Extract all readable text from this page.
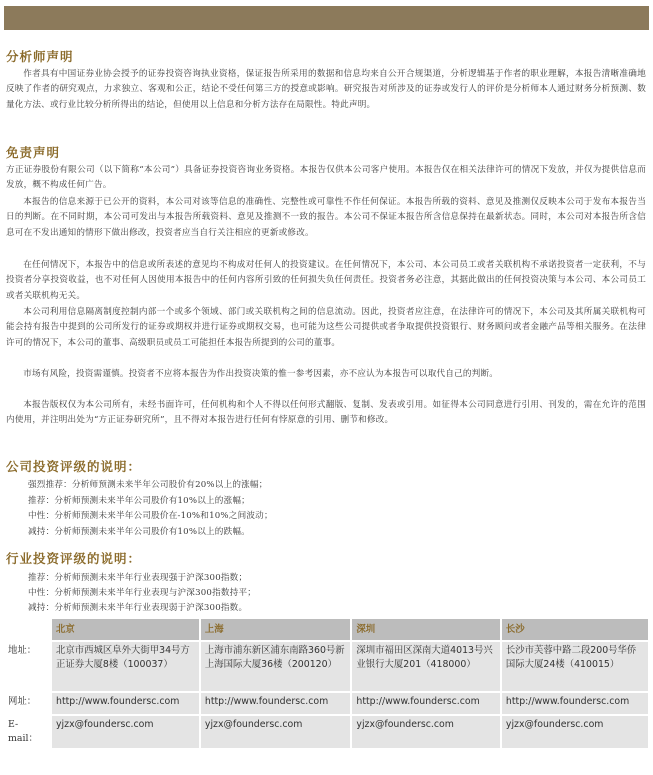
分析师声明

作者具有中国证券业协会授予的证券投资咨询执业资格，保证报告所采用的数据和信息均来自公开合规渠道，分析逻辑基于作者的职业理解，本报告清晰准确地反映了作者的研究观点，力求独立、客观和公正，结论不受任何第三方的授意或影响。研究报告对所涉及的证券或发行人的评价是分析师本人通过财务分析预测、数量化方法、或行业比较分析所得出的结论，但使用以上信息和分析方法存在局限性。特此声明。

免责声明

方正证券股份有限公司（以下简称“本公司”）具备证券投资咨询业务资格。本报告仅供本公司客户使用。本报告仅在相关法律许可的情况下发放，并仅为提供信息而发放，概不构成任何广告。

本报告的信息来源于已公开的资料，本公司对该等信息的准确性、完整性或可靠性不作任何保证。本报告所载的资料、意见及推测仅反映本公司于发布本报告当日的判断。在不同时期，本公司可发出与本报告所载资料、意见及推测不一致的报告。本公司不保证本报告所含信息保持在最新状态。同时，本公司对本报告所含信息可在不发出通知的情形下做出修改，投资者应当自行关注相应的更新或修改。

在任何情况下，本报告中的信息或所表述的意见均不构成对任何人的投资建议。在任何情况下，本公司、本公司员工或者关联机构不承诺投资者一定获利，不与投资者分享投资收益，也不对任何人因使用本报告中的任何内容所引致的任何损失负任何责任。投资者务必注意，其据此做出的任何投资决策与本公司、本公司员工或者关联机构无关。

本公司利用信息隔离制度控制内部一个或多个领域、部门或关联机构之间的信息流动。因此，投资者应注意，在法律许可的情况下，本公司及其所属关联机构可能会持有报告中提到的公司所发行的证券或期权并进行证券或期权交易，也可能为这些公司提供或者争取提供投资银行、财务顾问或者金融产品等相关服务。在法律许可的情况下，本公司的董事、高级职员或员工可能担任本报告所提到的公司的董事。

市场有风险，投资需谨慎。投资者不应将本报告为作出投资决策的惟一参考因素，亦不应认为本报告可以取代自己的判断。

本报告版权仅为本公司所有，未经书面许可，任何机构和个人不得以任何形式翻版、复制、发表或引用。如征得本公司同意进行引用、刊发的，需在允许的范围内使用，并注明出处为“方正证券研究所”，且不得对本报告进行任何有悖原意的引用、删节和修改。

公司投资评级的说明：

强烈推荐：分析师预测未来半年公司股价有20%以上的涨幅；

推荐：分析师预测未来半年公司股价有10%以上的涨幅；

中性：分析师预测未来半年公司股价在-10%和10%之间波动；

减持：分析师预测未来半年公司股价有10%以上的跌幅。

行业投资评级的说明：

推荐：分析师预测未来半年行业表现强于沪深300指数；

中性：分析师预测未来半年行业表现与沪深300指数持平；

减持：分析师预测未来半年行业表现弱于沪深300指数。

	北京	上海	深圳	长沙
地址：	北京市西城区阜外大街甲34号方正证券大厦8楼（100037）	上海市浦东新区浦东南路360号新上海国际大厦36楼（200120）	深圳市福田区深南大道4013号兴业银行大厦201（418000）	长沙市芙蓉中路二段200号华侨国际大厦24楼（410015）
网址：	http://www.foundersc.com	http://www.foundersc.com	http://www.foundersc.com	http://www.foundersc.com
E-mail：	yjzx@foundersc.com	yjzx@foundersc.com	yjzx@foundersc.com	yjzx@foundersc.com
